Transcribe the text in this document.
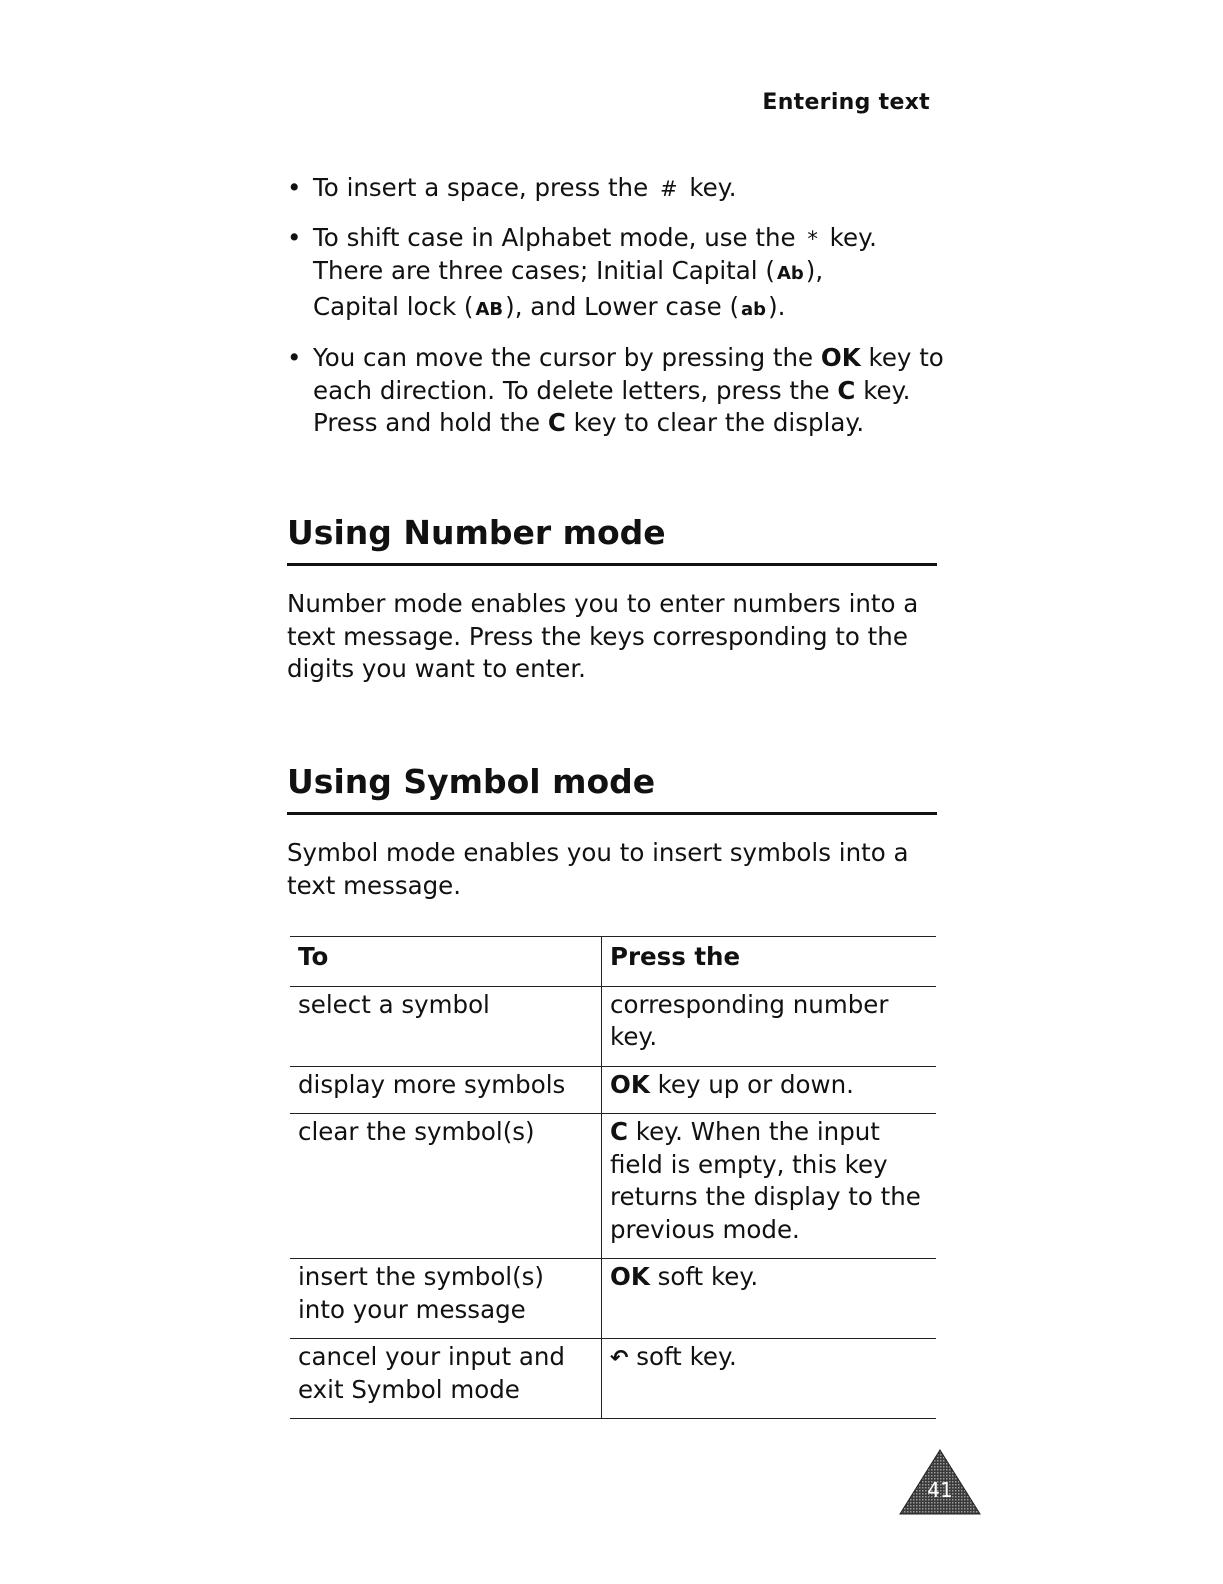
Entering text
• To insert a space, press the # key.
• To shift case in Alphabet mode, use the * key.
There are three cases; Initial Capital ( Ab),
Capital lock ( AB), and Lower case ( ab).
• You can move the cursor by pressing the OK key to each direction. To delete letters, press the C key. Press and hold the C key to clear the display.
Using Number mode

Number mode enables you to enter numbers into a text message. Press the keys corresponding to the digits you want to enter.

Using Symbol mode

Symbol mode enables you to insert symbols into a text message.

To	Press the
select a symbol	corresponding number key.
display more symbols	OK key up or down.
clear the symbol(s)	C key. When the input field is empty, this key returns the display to the previous mode.
insert the symbol(s) into your message	OK soft key.
cancel your input and exit Symbol mode	↶ soft key.
41
